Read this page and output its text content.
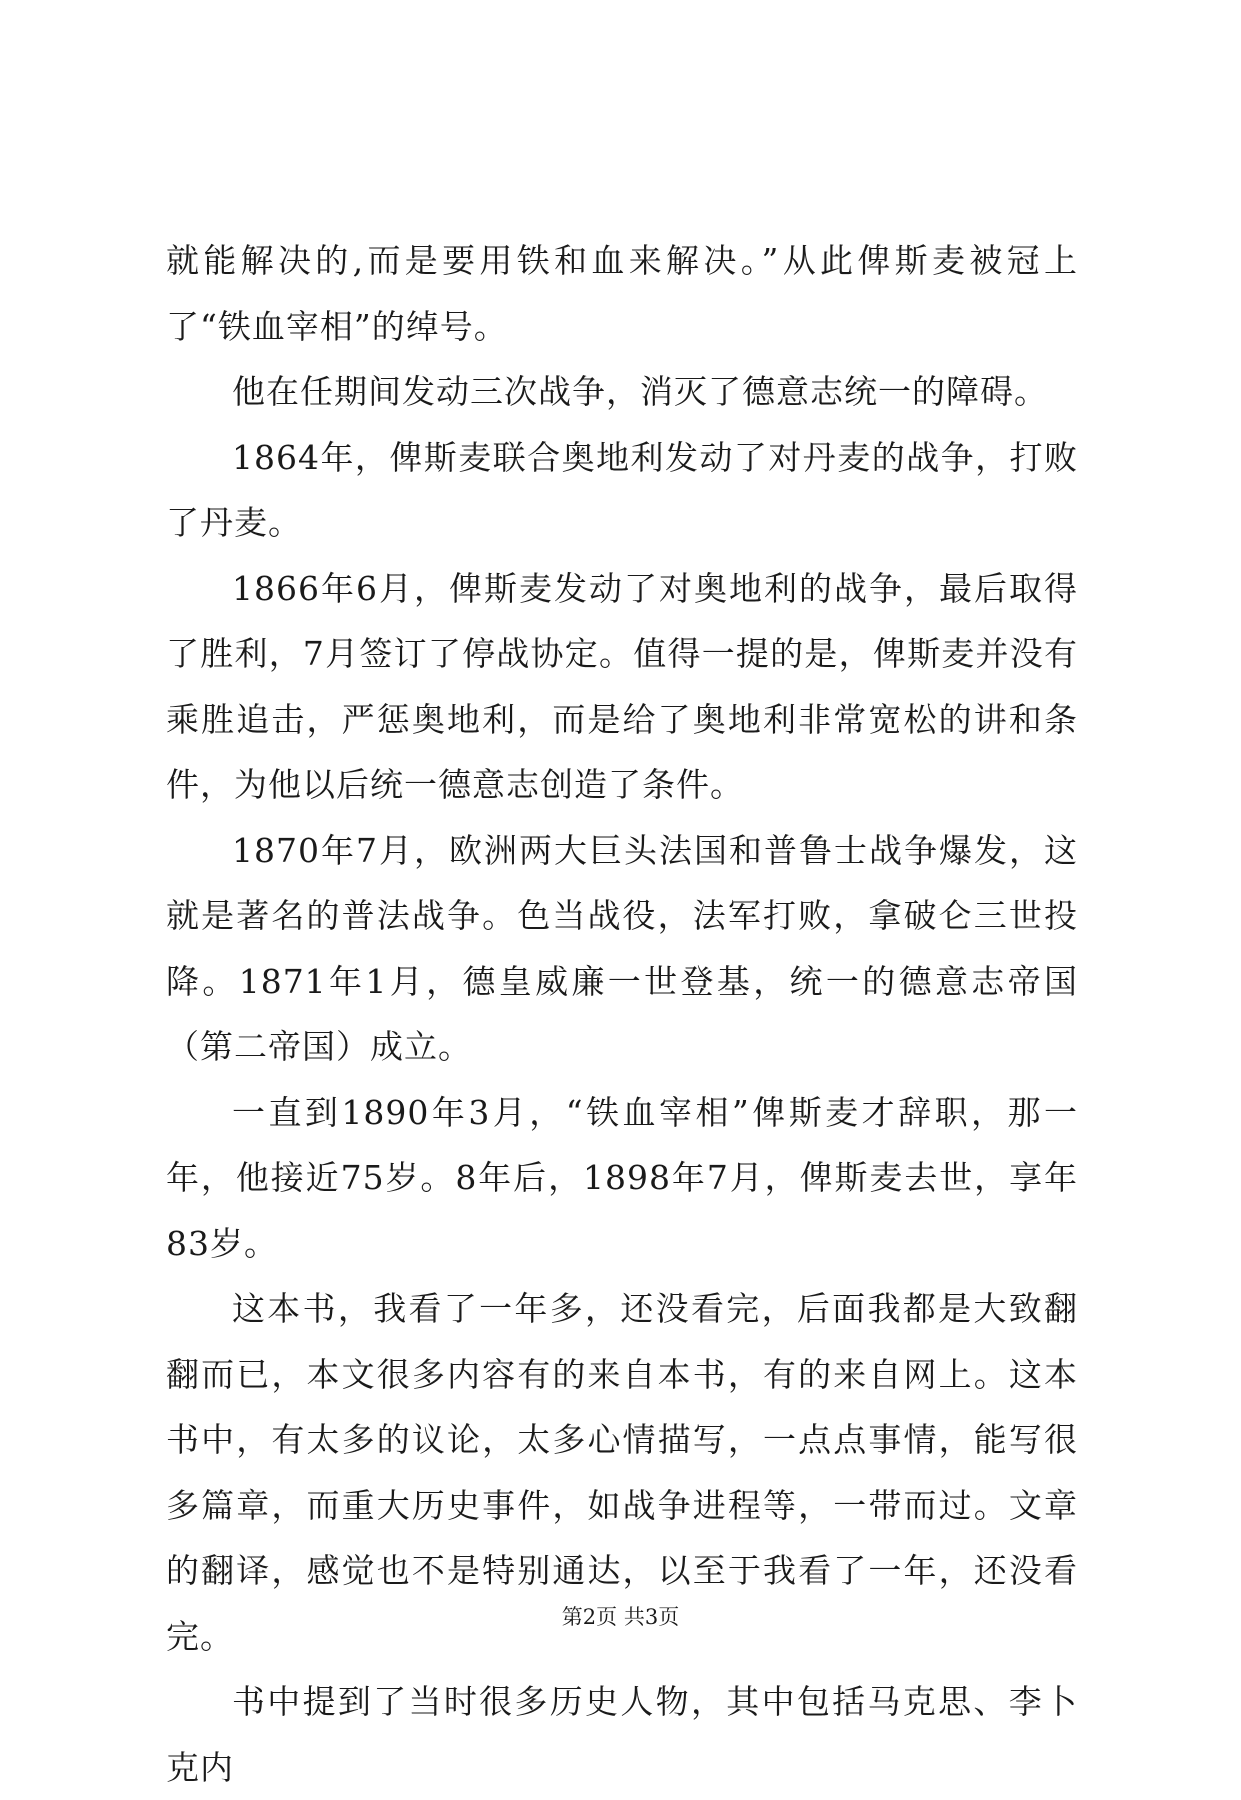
就能解决的,而是要用铁和血来解决。”从此俾斯麦被冠上了“铁血宰相”的绰号。

他在任期间发动三次战争，消灭了德意志统一的障碍。

1864年，俾斯麦联合奥地利发动了对丹麦的战争，打败了丹麦。

1866年6月，俾斯麦发动了对奥地利的战争，最后取得了胜利，7月签订了停战协定。值得一提的是，俾斯麦并没有乘胜追击，严惩奥地利，而是给了奥地利非常宽松的讲和条件，为他以后统一德意志创造了条件。

1870年7月，欧洲两大巨头法国和普鲁士战争爆发，这就是著名的普法战争。色当战役，法军打败，拿破仑三世投降。1871年1月，德皇威廉一世登基，统一的德意志帝国（第二帝国）成立。

一直到1890年3月，“铁血宰相”俾斯麦才辞职，那一年，他接近75岁。8年后，1898年7月，俾斯麦去世，享年83岁。

这本书，我看了一年多，还没看完，后面我都是大致翻翻而已，本文很多内容有的来自本书，有的来自网上。这本书中，有太多的议论，太多心情描写，一点点事情，能写很多篇章，而重大历史事件，如战争进程等，一带而过。文章的翻译，感觉也不是特别通达，以至于我看了一年，还没看完。

书中提到了当时很多历史人物，其中包括马克思、李卜克内

第2页 共3页
